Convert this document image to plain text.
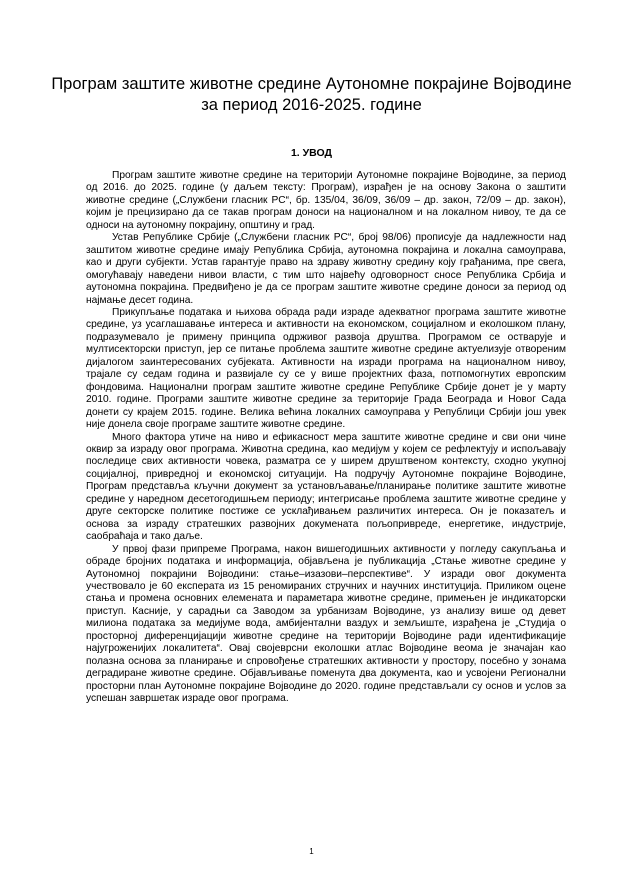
Програм заштите животне средине Аутономне покрајине Војводине
за период 2016-2025. године
1. УВОД

Програм заштите животне средине на територији Аутономне покрајине Војводине, за период од 2016. до 2025. године (у даљем тексту: Програм), израђен је на основу Закона о заштити животне средине („Службени гласник РС“, бр. 135/04, 36/09, 36/09 – др. закон, 72/09 – др. закон), којим је прецизирано да се такав програм доноси на националном и на локалном нивоу, те да се односи на аутономну покрајину, општину и град.

Устав Републике Србије („Службени гласник РС“, број 98/06) прописује да надлежности над заштитом животне средине имају Република Србија, аутономна покрајина и локална самоуправа, као и други субјекти. Устав гарантује право на здраву животну средину коју грађанима, пре свега, омогућавају наведени нивои власти, с тим што највећу одговорност сносе Република Србија и аутономна покрајина. Предвиђено је да се програм заштите животне средине доноси за период од најмање десет година.

Прикупљање података и њихова обрада ради израде адекватног програма заштите животне средине, уз усаглашавање интереса и активности на економском, социјалном и еколошком плану, подразумевало је примену принципа одрживог развоја друштва. Програмом се остварује и мултисекторски приступ, јер се питање проблема заштите животне средине актуелизује отвореним дијалогом заинтересованих субјеката. Активности на изради програма на националном нивоу, трајале су седам година и развијале су се у више пројектних фаза, потпомогнутих европским фондовима. Национални програм заштите животне средине Републике Србије донет је у марту 2010. године. Програми заштите животне средине за територије Града Београда и Новог Сада донети су крајем 2015. године. Велика већина локалних самоуправа у Републици Србији још увек није донела своје програме заштите животне средине.

Много фактора утиче на ниво и ефикасност мера заштите животне средине и сви они чине оквир за израду овог програма. Животна средина, као медијум у којем се рефлектују и испољавају последице свих активности човека, разматра се у ширем друштвеном контексту, сходно укупној социјалној, привредној и економској ситуацији. На подручју Аутономне покрајине Војводине, Програм представља кључни документ за установљавање/планирање политике заштите животне средине у наредном десетогодишњем периоду; интегрисање проблема заштите животне средине у друге секторске политике постиже се усклађивањем различитих интереса. Он је показатељ и основа за израду стратешких развојних докумената пољопривреде, енергетике, индустрије, саобраћаја и тако даље.

У првој фази припреме Програма, након вишегодишњих активности у погледу сакупљања и обраде бројних података и информација, објављена је публикација „Стање животне средине у Аутономној покрајини Војводини: стање–изазови–перспективе“. У изради овог документа учествовало је 60 експерата из 15 реномираних стручних и научних институција. Приликом оцене стања и промена основних елемената и параметара животне средине, примењен је индикаторски приступ. Касније, у сарадњи са Заводом за урбанизам Војводине, уз анализу више од девет милиона података за медијуме вода, амбијентални ваздух и земљиште, израђена је „Студија о просторној диференцијацији животне средине на територији Војводине ради идентификације најугроженијих локалитета“. Овај својеврсни еколошки атлас Војводине веома је значајан као полазна основа за планирање и спровођење стратешких активности у простору, посебно у зонама деградиране животне средине. Објављивање поменута два документа, као и усвојени Регионални просторни план Аутономне покрајине Војводине до 2020. године представљали су основ и услов за успешан завршетак израде овог програма.

1
